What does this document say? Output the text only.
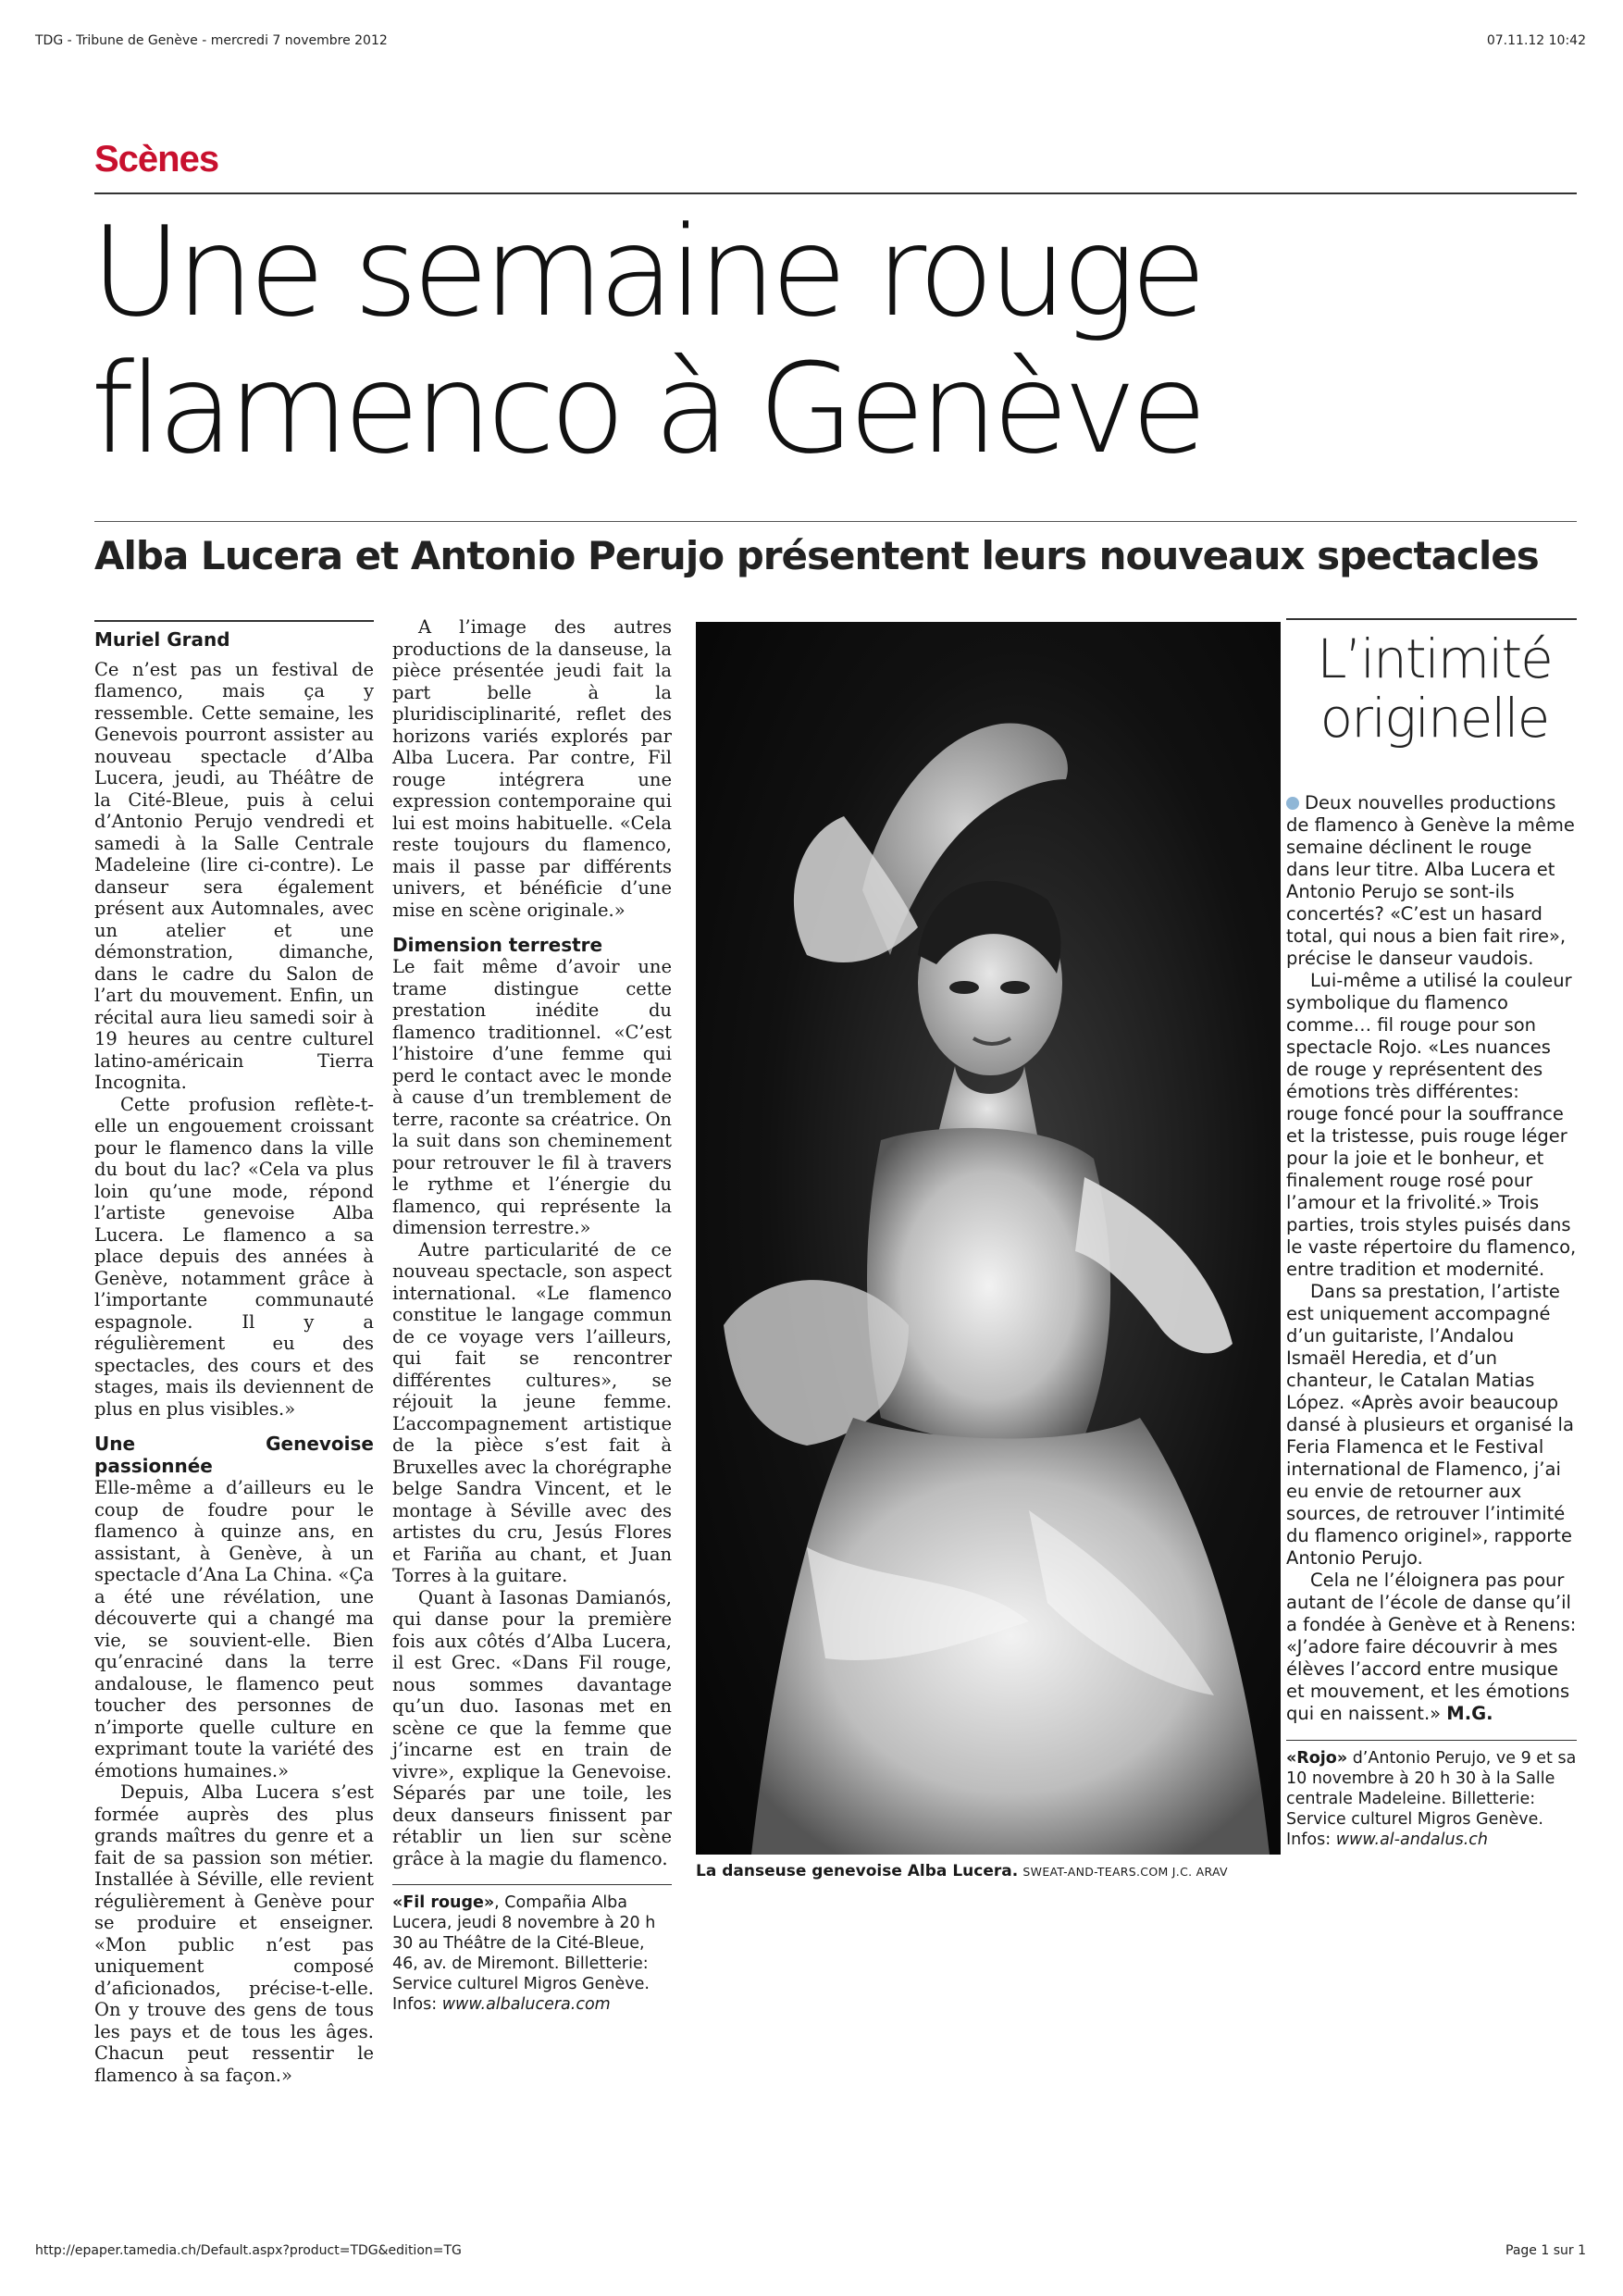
TDG - Tribune de Genève - mercredi 7 novembre 2012	07.11.12 10:42
http://epaper.tamedia.ch/Default.aspx?product=TDG&edition=TG	Page 1 sur 1
Scènes
Une semaine rouge
flamenco à Genève
Alba Lucera et Antonio Perujo présentent leurs nouveaux spectacles
Muriel Grand

Ce n’est pas un festival de flamenco, mais ça y ressemble. Cette semaine, les Genevois pourront assister au nouveau spectacle d’Alba Lucera, jeudi, au Théâtre de la Cité-Bleue, puis à celui d’Antonio Perujo vendredi et samedi à la Salle Centrale Madeleine (lire ci-contre). Le danseur sera également présent aux Automnales, avec un atelier et une démonstration, dimanche, dans le cadre du Salon de l’art du mouvement. Enfin, un récital aura lieu samedi soir à 19 heures au centre culturel latino-américain Tierra Incognita.

Cette profusion reflète-t-elle un engouement croissant pour le flamenco dans la ville du bout du lac? «Cela va plus loin qu’une mode, répond l’artiste genevoise Alba Lucera. Le flamenco a sa place depuis des années à Genève, notamment grâce à l’importante communauté espagnole. Il y a régulièrement eu des spectacles, des cours et des stages, mais ils deviennent de plus en plus visibles.»

Une Genevoise passionnée

Elle-même a d’ailleurs eu le coup de foudre pour le flamenco à quinze ans, en assistant, à Genève, à un spectacle d’Ana La China. «Ça a été une révélation, une découverte qui a changé ma vie, se souvient-elle. Bien qu’enraciné dans la terre andalouse, le flamenco peut toucher des personnes de n’importe quelle culture en exprimant toute la variété des émotions humaines.»

Depuis, Alba Lucera s’est formée auprès des plus grands maîtres du genre et a fait de sa passion son métier. Installée à Séville, elle revient régulièrement à Genève pour se produire et enseigner. «Mon public n’est pas uniquement composé d’aficionados, précise-t-elle. On y trouve des gens de tous les pays et de tous les âges. Chacun peut ressentir le flamenco à sa façon.»

A l’image des autres productions de la danseuse, la pièce présentée jeudi fait la part belle à la pluridisciplinarité, reflet des horizons variés explorés par Alba Lucera. Par contre, Fil rouge intégrera une expression contemporaine qui lui est moins habituelle. «Cela reste toujours du flamenco, mais il passe par différents univers, et bénéficie d’une mise en scène originale.»

Dimension terrestre

Le fait même d’avoir une trame distingue cette prestation inédite du flamenco traditionnel. «C’est l’histoire d’une femme qui perd le contact avec le monde à cause d’un tremblement de terre, raconte sa créatrice. On la suit dans son cheminement pour retrouver le fil à travers le rythme et l’énergie du flamenco, qui représente la dimension terrestre.»

Autre particularité de ce nouveau spectacle, son aspect international. «Le flamenco constitue le langage commun de ce voyage vers l’ailleurs, qui fait se rencontrer différentes cultures», se réjouit la jeune femme. L’accompagnement artistique de la pièce s’est fait à Bruxelles avec la chorégraphe belge Sandra Vincent, et le montage à Séville avec des artistes du cru, Jesús Flores et Fariña au chant, et Juan Torres à la guitare.

Quant à Iasonas Damianós, qui danse pour la première fois aux côtés d’Alba Lucera, il est Grec. «Dans Fil rouge, nous sommes davantage qu’un duo. Iasonas met en scène ce que la femme que j’incarne est en train de vivre», explique la Genevoise. Séparés par une toile, les deux danseurs finissent par rétablir un lien sur scène grâce à la magie du flamenco.

«Fil rouge», Compañia Alba Lucera, jeudi 8 novembre à 20 h 30 au Théâtre de la Cité-Bleue, 46, av. de Miremont. Billetterie: Service culturel Migros Genève. Infos: www.albalucera.com
La danseuse genevoise Alba Lucera. SWEAT-AND-TEARS.COM J.C. ARAV
L’intimité
originelle

Deux nouvelles productions de flamenco à Genève la même semaine déclinent le rouge dans leur titre. Alba Lucera et Antonio Perujo se sont-ils concertés? «C’est un hasard total, qui nous a bien fait rire», précise le danseur vaudois.

Lui-même a utilisé la couleur symbolique du flamenco comme… fil rouge pour son spectacle Rojo. «Les nuances de rouge y représentent des émotions très différentes: rouge foncé pour la souffrance et la tristesse, puis rouge léger pour la joie et le bonheur, et finalement rouge rosé pour l’amour et la frivolité.» Trois parties, trois styles puisés dans le vaste répertoire du flamenco, entre tradition et modernité.

Dans sa prestation, l’artiste est uniquement accompagné d’un guitariste, l’Andalou Ismaël Heredia, et d’un chanteur, le Catalan Matias López. «Après avoir beaucoup dansé à plusieurs et organisé la Feria Flamenca et le Festival international de Flamenco, j’ai eu envie de retourner aux sources, de retrouver l’intimité du flamenco originel», rapporte Antonio Perujo.

Cela ne l’éloignera pas pour autant de l’école de danse qu’il a fondée à Genève et à Renens: «J’adore faire découvrir à mes élèves l’accord entre musique et mouvement, et les émotions qui en naissent.» M.G.

«Rojo» d’Antonio Perujo, ve 9 et sa 10 novembre à 20 h 30 à la Salle centrale Madeleine. Billetterie: Service culturel Migros Genève. Infos: www.al-andalus.ch
